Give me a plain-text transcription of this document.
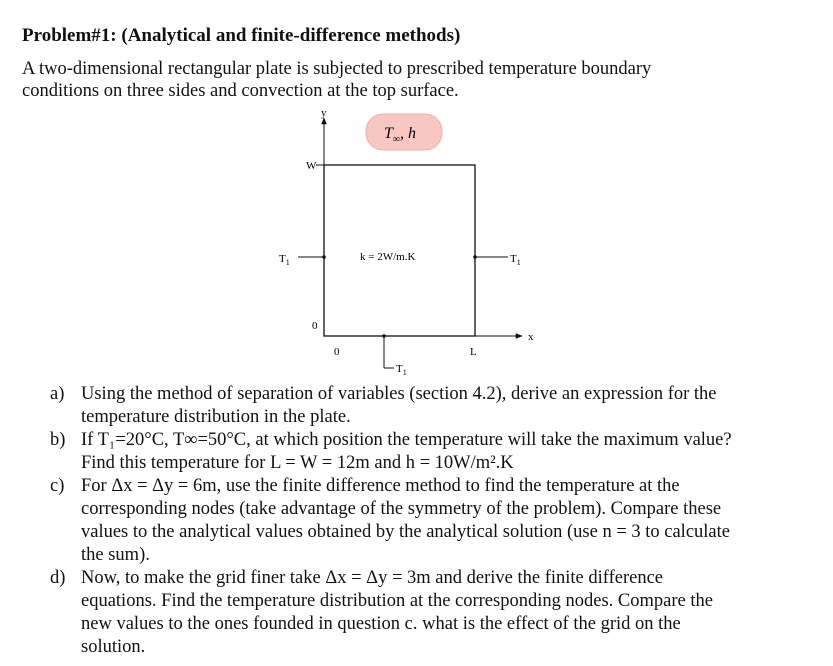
Problem#1: (Analytical and finite-difference methods)

A two-dimensional rectangular plate is subjected to prescribed temperature boundary
conditions on three sides and convection at the top surface.

$T_\infty$, h
y
W
$T_1$	k = 2W/m.K	$T_1$
x
0
0	L
$T_1$
a) Using the method of separation of variables (section 4.2), derive an expression for the
temperature distribution in the plate.
b) If T₁=20°C, T∞=50°C, at which position the temperature will take the maximum value?
Find this temperature for L = W = 12m and h = 10W/m².K
c) For Δx = Δy = 6m, use the finite difference method to find the temperature at the
corresponding nodes (take advantage of the symmetry of the problem). Compare these
values to the analytical values obtained by the analytical solution (use n = 3 to calculate
the sum).
d) Now, to make the grid finer take Δx = Δy = 3m and derive the finite difference
equations. Find the temperature distribution at the corresponding nodes. Compare the
new values to the ones founded in question c. what is the effect of the grid on the
solution.
